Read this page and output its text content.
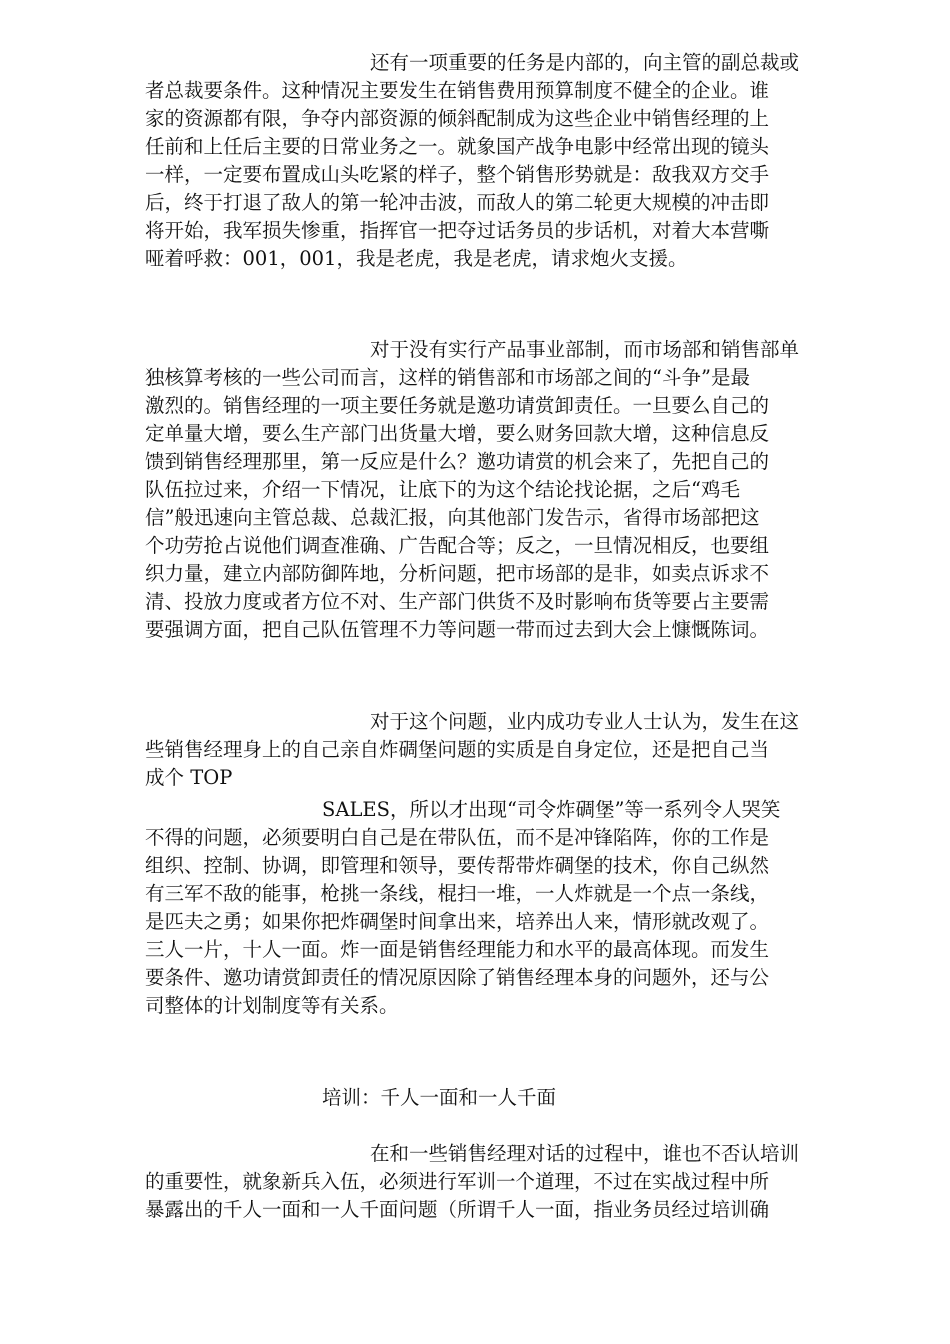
还有一项重要的任务是内部的，向主管的副总裁或
者总裁要条件。这种情况主要发生在销售费用预算制度不健全的企业。谁
家的资源都有限，争夺内部资源的倾斜配制成为这些企业中销售经理的上
任前和上任后主要的日常业务之一。就象国产战争电影中经常出现的镜头
一样，一定要布置成山头吃紧的样子，整个销售形势就是：敌我双方交手
后，终于打退了敌人的第一轮冲击波，而敌人的第二轮更大规模的冲击即
将开始，我军损失惨重，指挥官一把夺过话务员的步话机，对着大本营嘶
哑着呼救：001，001，我是老虎，我是老虎，请求炮火支援。
对于没有实行产品事业部制，而市场部和销售部单
独核算考核的一些公司而言，这样的销售部和市场部之间的“斗争”是最
激烈的。销售经理的一项主要任务就是邀功请赏卸责任。一旦要么自己的
定单量大增，要么生产部门出货量大增，要么财务回款大增，这种信息反
馈到销售经理那里，第一反应是什么？邀功请赏的机会来了，先把自己的
队伍拉过来，介绍一下情况，让底下的为这个结论找论据，之后“鸡毛
信”般迅速向主管总裁、总裁汇报，向其他部门发告示，省得市场部把这
个功劳抢占说他们调查准确、广告配合等；反之，一旦情况相反，也要组
织力量，建立内部防御阵地，分析问题，把市场部的是非，如卖点诉求不
清、投放力度或者方位不对、生产部门供货不及时影响布货等要占主要需
要强调方面，把自己队伍管理不力等问题一带而过去到大会上慷慨陈词。
对于这个问题，业内成功专业人士认为，发生在这
些销售经理身上的自己亲自炸碉堡问题的实质是自身定位，还是把自己当
成个 TOP
SALES，所以才出现“司令炸碉堡”等一系列令人哭笑
不得的问题，必须要明白自己是在带队伍，而不是冲锋陷阵，你的工作是
组织、控制、协调，即管理和领导，要传帮带炸碉堡的技术，你自己纵然
有三军不敌的能事，枪挑一条线，棍扫一堆，一人炸就是一个点一条线，
是匹夫之勇；如果你把炸碉堡时间拿出来，培养出人来，情形就改观了。
三人一片，十人一面。炸一面是销售经理能力和水平的最高体现。而发生
要条件、邀功请赏卸责任的情况原因除了销售经理本身的问题外，还与公
司整体的计划制度等有关系。
培训：千人一面和一人千面
在和一些销售经理对话的过程中，谁也不否认培训
的重要性，就象新兵入伍，必须进行军训一个道理，不过在实战过程中所
暴露出的千人一面和一人千面问题（所谓千人一面，指业务员经过培训确
